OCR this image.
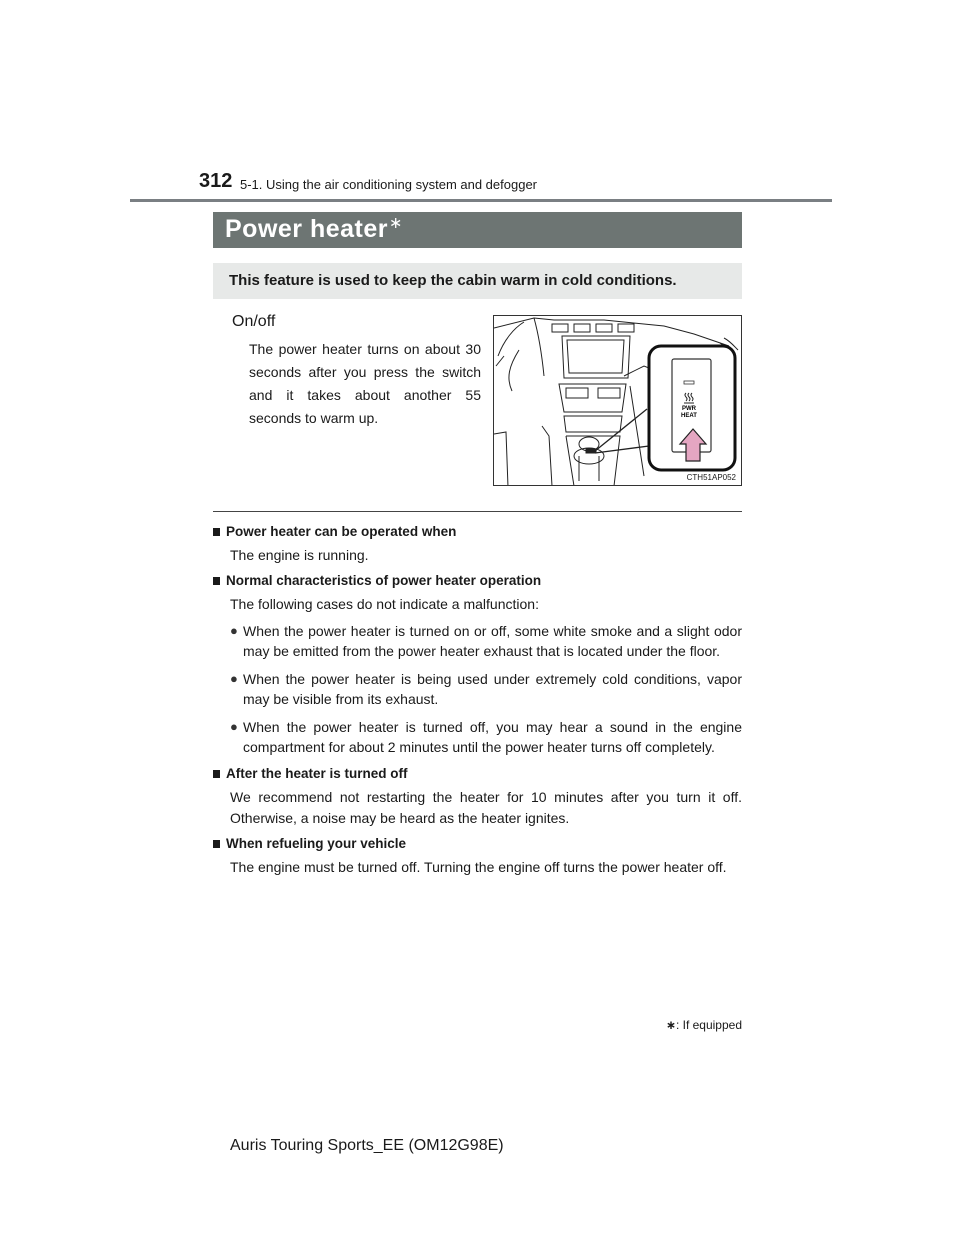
312 5-1. Using the air conditioning system and defogger
Power heater∗
This feature is used to keep the cabin warm in cold conditions.
On/off
The power heater turns on about 30 seconds after you press the switch and it takes about another 55 seconds to warm up.
PWR
HEAT
CTH51AP052
Power heater can be operated when
The engine is running.
Normal characteristics of power heater operation
The following cases do not indicate a malfunction:
● When the power heater is turned on or off, some white smoke and a slight odor may be emitted from the power heater exhaust that is located under the floor.
● When the power heater is being used under extremely cold conditions, vapor may be visible from its exhaust.
● When the power heater is turned off, you may hear a sound in the engine compartment for about 2 minutes until the power heater turns off completely.
After the heater is turned off
We recommend not restarting the heater for 10 minutes after you turn it off. Otherwise, a noise may be heard as the heater ignites.
When refueling your vehicle
The engine must be turned off. Turning the engine off turns the power heater off.
∗: If equipped
Auris Touring Sports_EE (OM12G98E)
